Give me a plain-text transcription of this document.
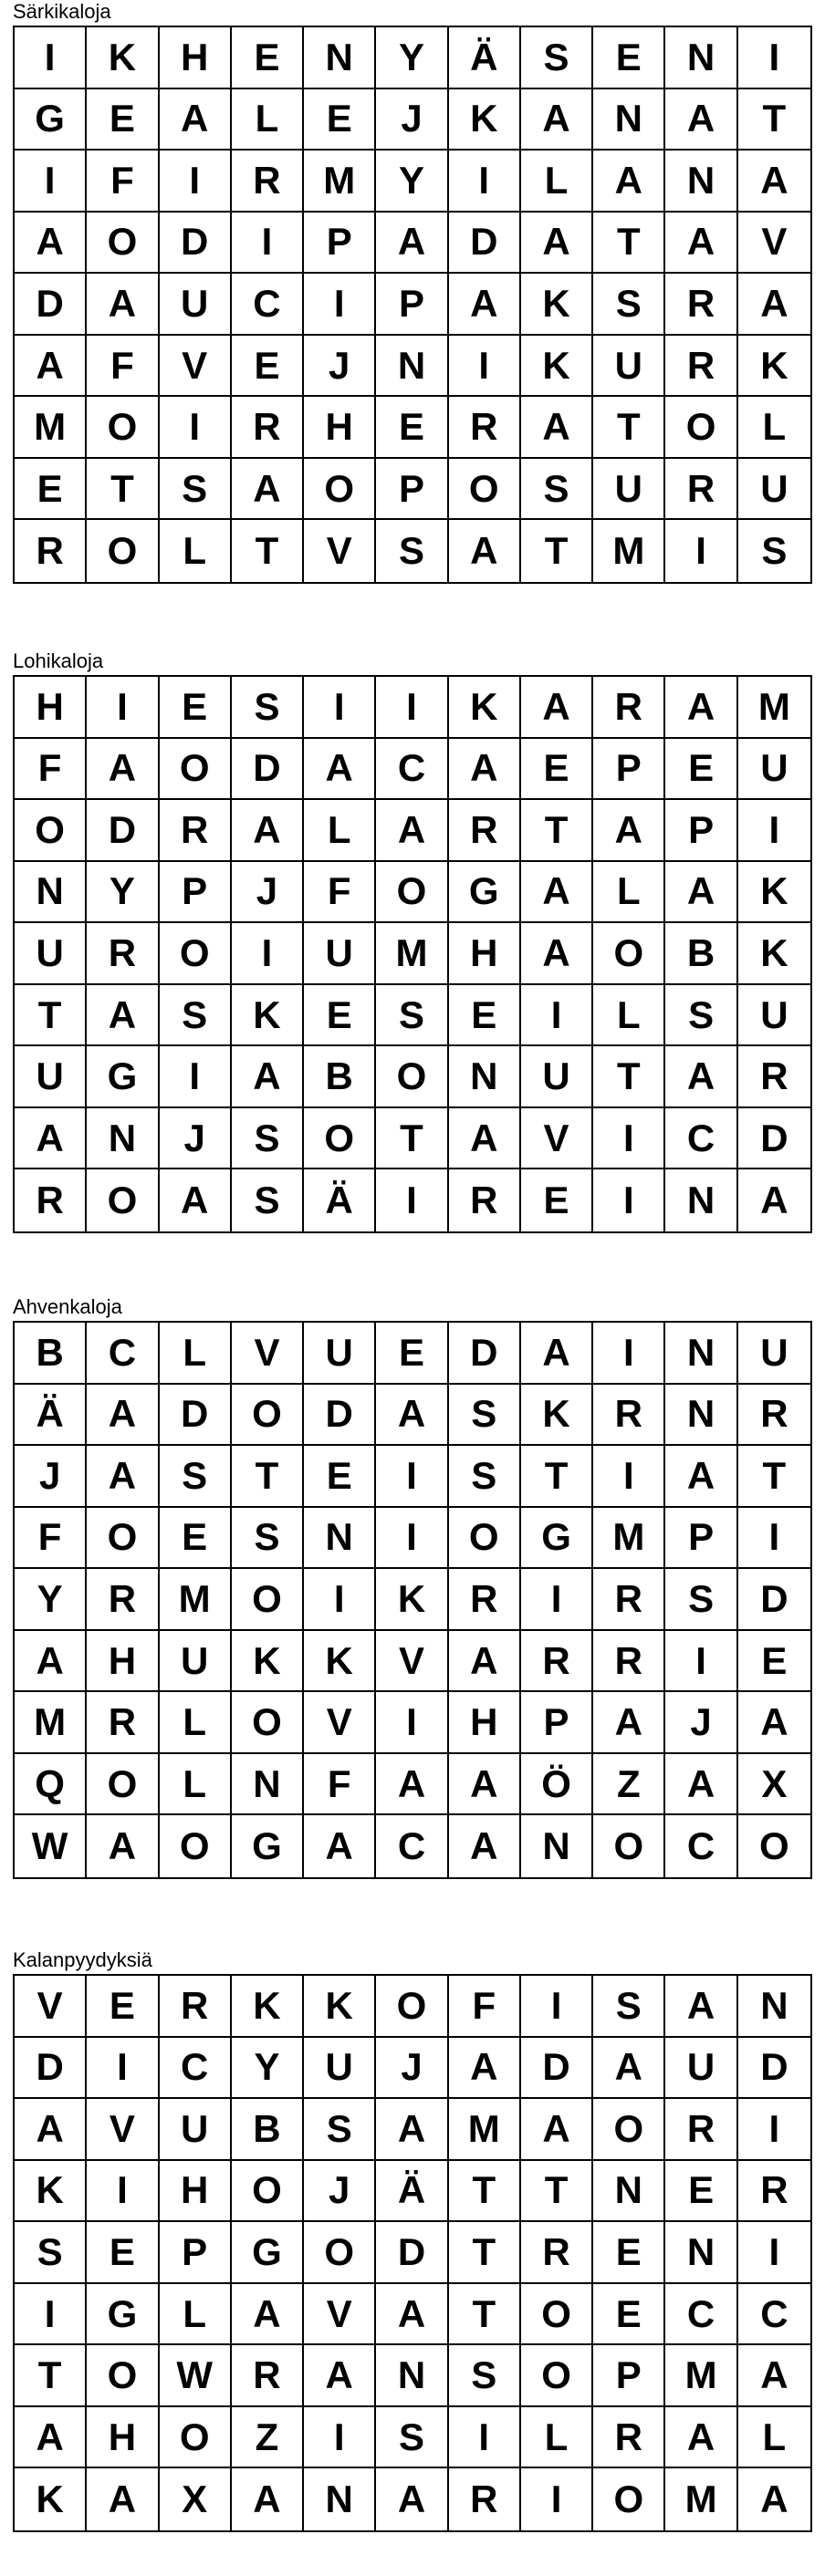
Särkikaloja
I	K	H	E	N	Y	Ä	S	E	N	I
G	E	A	L	E	J	K	A	N	A	T
I	F	I	R	M	Y	I	L	A	N	A
A	O	D	I	P	A	D	A	T	A	V
D	A	U	C	I	P	A	K	S	R	A
A	F	V	E	J	N	I	K	U	R	K
M	O	I	R	H	E	R	A	T	O	L
E	T	S	A	O	P	O	S	U	R	U
R	O	L	T	V	S	A	T	M	I	S
Lohikaloja
H	I	E	S	I	I	K	A	R	A	M
F	A	O	D	A	C	A	E	P	E	U
O	D	R	A	L	A	R	T	A	P	I
N	Y	P	J	F	O	G	A	L	A	K
U	R	O	I	U	M	H	A	O	B	K
T	A	S	K	E	S	E	I	L	S	U
U	G	I	A	B	O	N	U	T	A	R
A	N	J	S	O	T	A	V	I	C	D
R	O	A	S	Ä	I	R	E	I	N	A
Ahvenkaloja
B	C	L	V	U	E	D	A	I	N	U
Ä	A	D	O	D	A	S	K	R	N	R
J	A	S	T	E	I	S	T	I	A	T
F	O	E	S	N	I	O	G	M	P	I
Y	R	M	O	I	K	R	I	R	S	D
A	H	U	K	K	V	A	R	R	I	E
M	R	L	O	V	I	H	P	A	J	A
Q	O	L	N	F	A	A	Ö	Z	A	X
W	A	O	G	A	C	A	N	O	C	O
Kalanpyydyksiä
V	E	R	K	K	O	F	I	S	A	N
D	I	C	Y	U	J	A	D	A	U	D
A	V	U	B	S	A	M	A	O	R	I
K	I	H	O	J	Ä	T	T	N	E	R
S	E	P	G	O	D	T	R	E	N	I
I	G	L	A	V	A	T	O	E	C	C
T	O	W	R	A	N	S	O	P	M	A
A	H	O	Z	I	S	I	L	R	A	L
K	A	X	A	N	A	R	I	O	M	A
